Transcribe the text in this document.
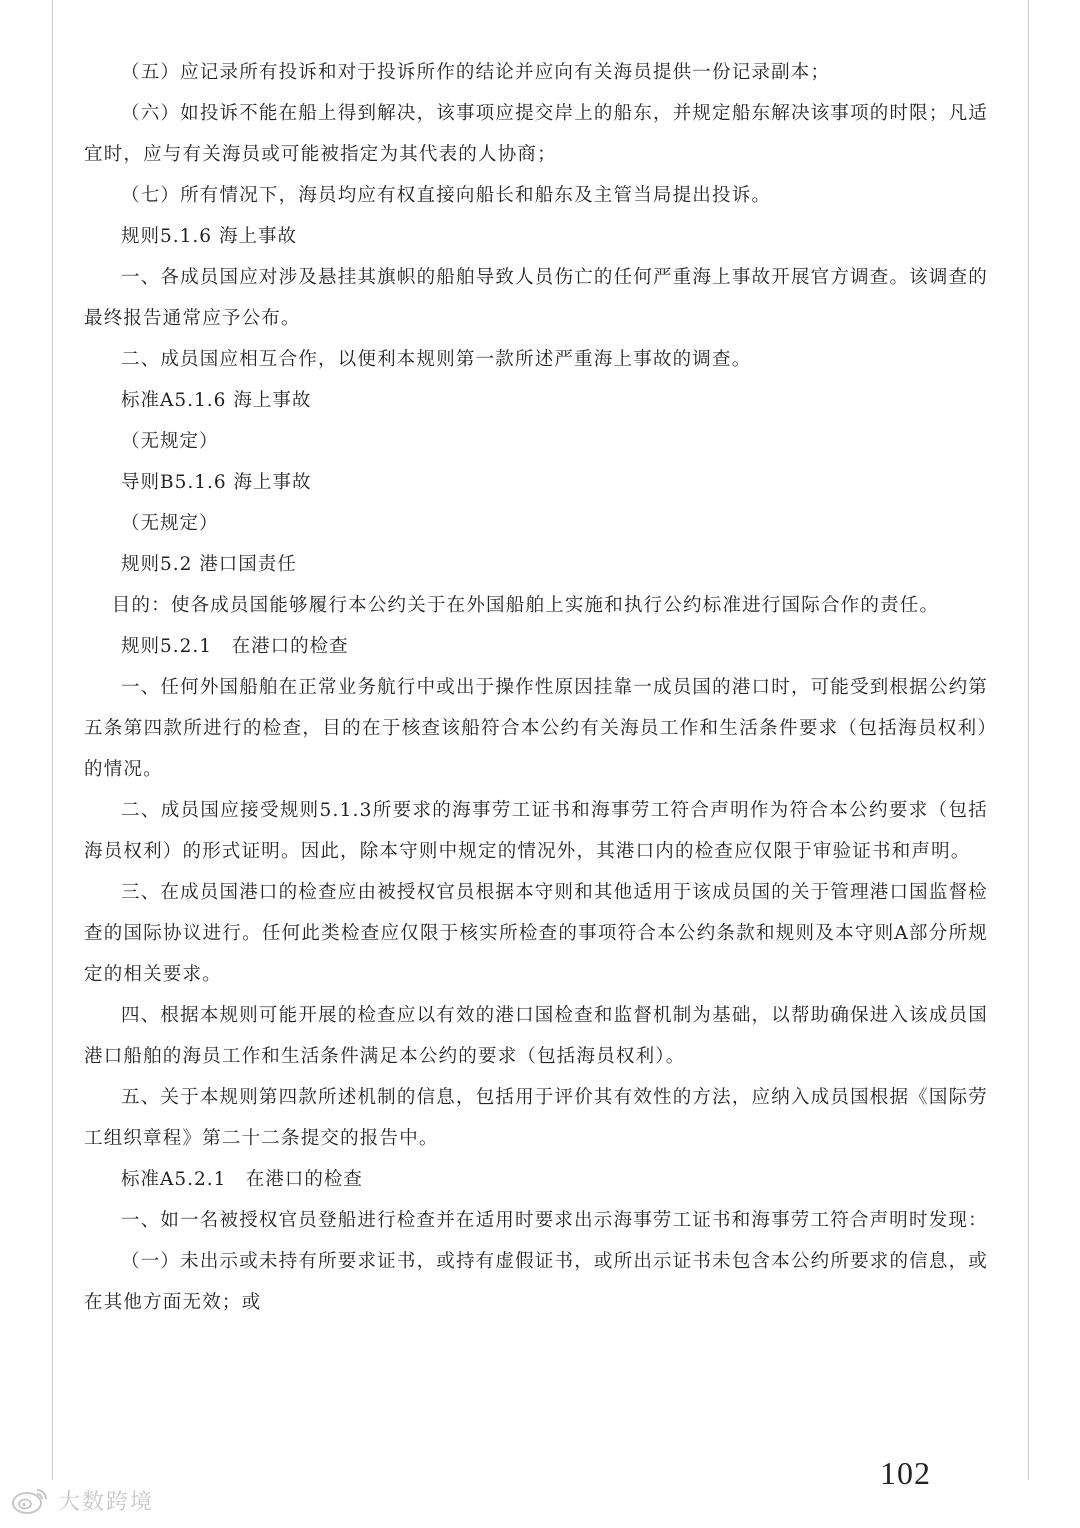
（五）应记录所有投诉和对于投诉所作的结论并应向有关海员提供一份记录副本；

（六）如投诉不能在船上得到解决，该事项应提交岸上的船东，并规定船东解决该事项的时限；凡适宜时，应与有关海员或可能被指定为其代表的人协商；

（七）所有情况下，海员均应有权直接向船长和船东及主管当局提出投诉。

规则5.1.6 海上事故

一、各成员国应对涉及悬挂其旗帜的船舶导致人员伤亡的任何严重海上事故开展官方调查。该调查的最终报告通常应予公布。

二、成员国应相互合作，以便利本规则第一款所述严重海上事故的调查。

标准A5.1.6 海上事故

（无规定）

导则B5.1.6 海上事故

（无规定）

规则5.2 港口国责任

目的：使各成员国能够履行本公约关于在外国船舶上实施和执行公约标准进行国际合作的责任。

规则5.2.1　在港口的检查

一、任何外国船舶在正常业务航行中或出于操作性原因挂靠一成员国的港口时，可能受到根据公约第五条第四款所进行的检查，目的在于核查该船符合本公约有关海员工作和生活条件要求（包括海员权利）的情况。

二、成员国应接受规则5.1.3所要求的海事劳工证书和海事劳工符合声明作为符合本公约要求（包括海员权利）的形式证明。因此，除本守则中规定的情况外，其港口内的检查应仅限于审验证书和声明。

三、在成员国港口的检查应由被授权官员根据本守则和其他适用于该成员国的关于管理港口国监督检查的国际协议进行。任何此类检查应仅限于核实所检查的事项符合本公约条款和规则及本守则A部分所规定的相关要求。

四、根据本规则可能开展的检查应以有效的港口国检查和监督机制为基础，以帮助确保进入该成员国港口船舶的海员工作和生活条件满足本公约的要求（包括海员权利）。

五、关于本规则第四款所述机制的信息，包括用于评价其有效性的方法，应纳入成员国根据《国际劳工组织章程》第二十二条提交的报告中。

标准A5.2.1　在港口的检查

一、如一名被授权官员登船进行检查并在适用时要求出示海事劳工证书和海事劳工符合声明时发现：

（一）未出示或未持有所要求证书，或持有虚假证书，或所出示证书未包含本公约所要求的信息，或在其他方面无效；或

102
大数跨境
